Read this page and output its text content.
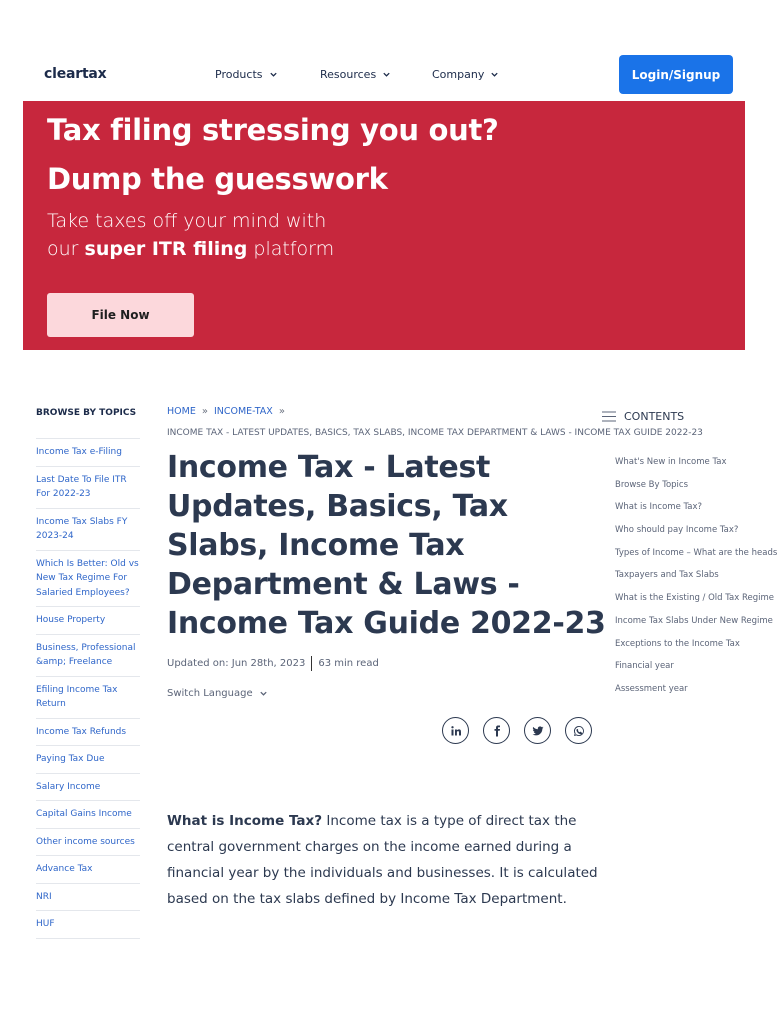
cleartax	Products	Resources	Company	Login/Signup
Tax filing stressing you out?
Dump the guesswork
Take taxes off your mind with
our super ITR filing platform
File Now
BROWSE BY TOPICS
Income Tax e-Filing
Last Date To File ITR For 2022-23
Income Tax Slabs FY 2023-24
Which Is Better: Old vs New Tax Regime For Salaried Employees?
House Property
Business, Professional &amp; Freelance
Efiling Income Tax Return
Income Tax Refunds
Paying Tax Due
Salary Income
Capital Gains Income
Other income sources
Advance Tax
NRI
HUF
HOME » INCOME-TAX »
INCOME TAX - LATEST UPDATES, BASICS, TAX SLABS, INCOME TAX DEPARTMENT & LAWS - INCOME TAX GUIDE 2022-23
Income Tax - Latest Updates, Basics, Tax Slabs, Income Tax Department & Laws - Income Tax Guide 2022-23
Updated on: Jun 28th, 2023 63 min read
Switch Language

What is Income Tax? Income tax is a type of direct tax the central government charges on the income earned during a financial year by the individuals and businesses. It is calculated based on the tax slabs defined by Income Tax Department.

CONTENTS
What's New in Income Tax
Browse By Topics
What is Income Tax?
Who should pay Income Tax?
Types of Income – What are the heads
Taxpayers and Tax Slabs
What is the Existing / Old Tax Regime
Income Tax Slabs Under New Regime
Exceptions to the Income Tax
Financial year
Assessment year
